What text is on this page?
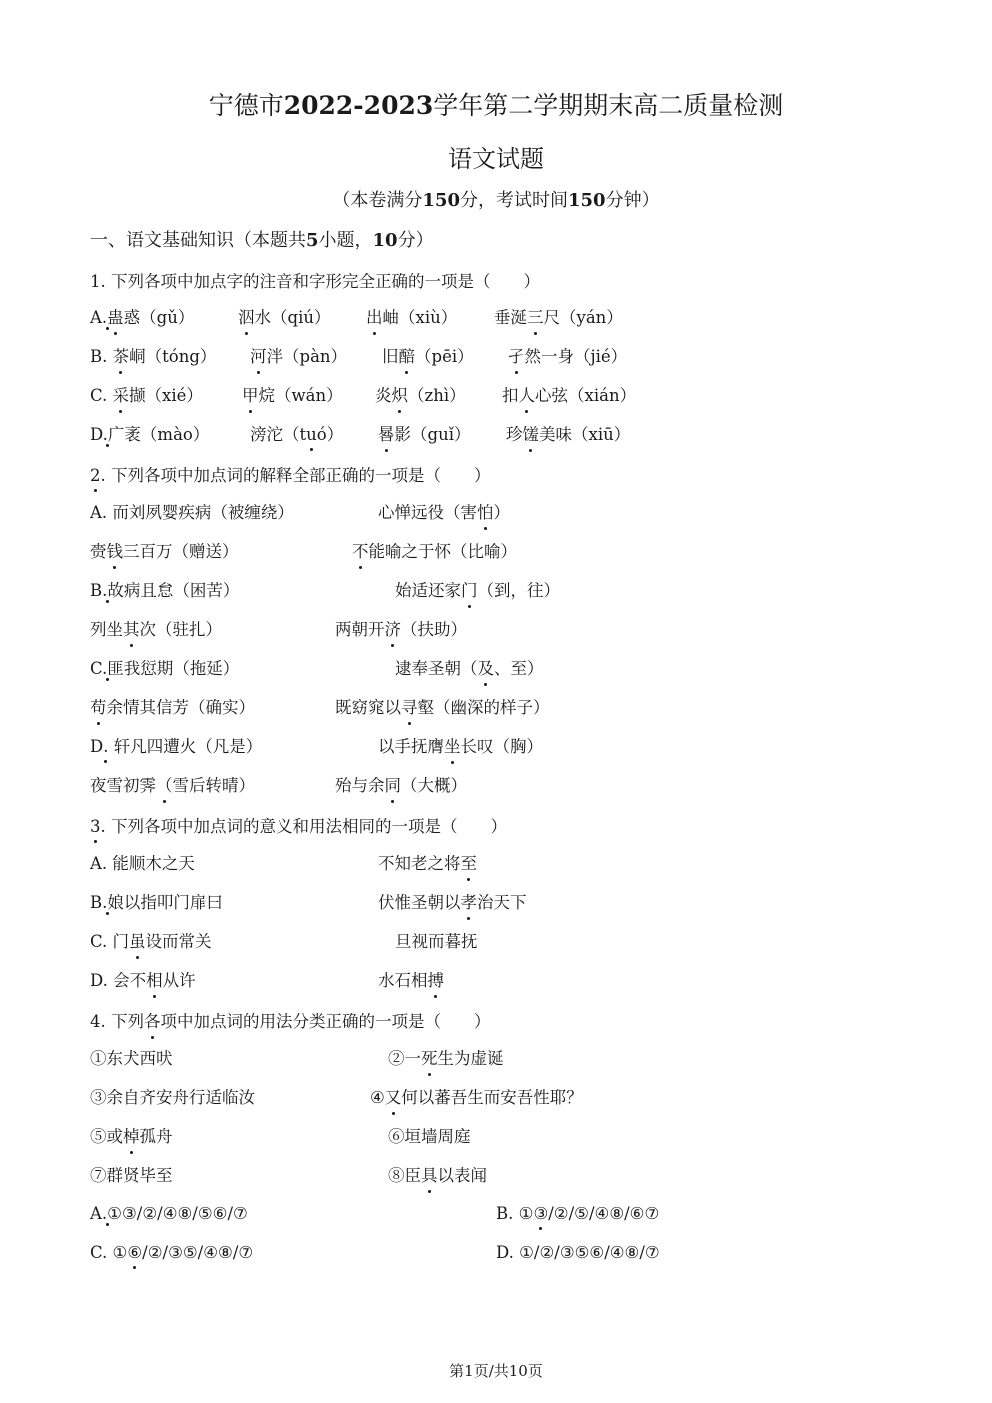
宁德市2022-2023学年第二学期期末高二质量检测
语文试题
（本卷满分150分，考试时间150分钟）
一、语文基础知识（本题共5小题，10分）
1. 下列各项中加点字的注音和字形完全正确的一项是（　　）
A.蛊惑（gǔ）	泅水（qiú） 出岫（xiù） 垂涎三尺（yán）
B. 茶峒（tóng） 河泮（pàn） 旧醅（pēi） 孑然一身（jié）
C. 采撷（xié） 甲烷（wán） 炎炽（zhì） 扣人心弦（xián）
D.广袤（mào） 滂沱（tuó） 晷影（guǐ） 珍馐美味（xiū）
2. 下列各项中加点词的解释全部正确的一项是（　　 ）
A. 而刘夙婴疾病（被缠绕）	心惮远役（害怕）
赍钱三百万（赠送）	不能喻之于怀（比喻）
B.故病且怠（困苦）	始适还家门（到，往）
列坐其次（驻扎）	两朝开济（扶助）
C.匪我愆期（拖延）	逮奉圣朝（及、至）
苟余情其信芳（确实）	既窈窕以寻壑（幽深的样子）
D. 轩凡四遭火（凡是）	以手抚膺坐长叹（胸）
夜雪初霁（雪后转晴）	殆与余同（大概）
3. 下列各项中加点词的意义和用法相同的一项是（　　 ）
A. 能顺木之天	不知老之将至
B.娘以指叩门扉曰	伏惟圣朝以孝治天下
C. 门虽设而常关	旦视而暮抚
D. 会不相从许	水石相搏
4. 下列各项中加点词的用法分类正确的一项是（　　 ）
①东犬西吠	②一死生为虚诞
③余自齐安舟行适临汝	④又何以蕃吾生而安吾性耶？
⑤或棹孤舟	⑥垣墙周庭
⑦群贤毕至	⑧臣具以表闻
A.①③/②/④⑧/⑤⑥/⑦	B. ①③/②/⑤/④⑧/⑥⑦
C. ①⑥/②/③⑤/④⑧/⑦	D. ①/②/③⑤⑥/④⑧/⑦
第1页/共10页
